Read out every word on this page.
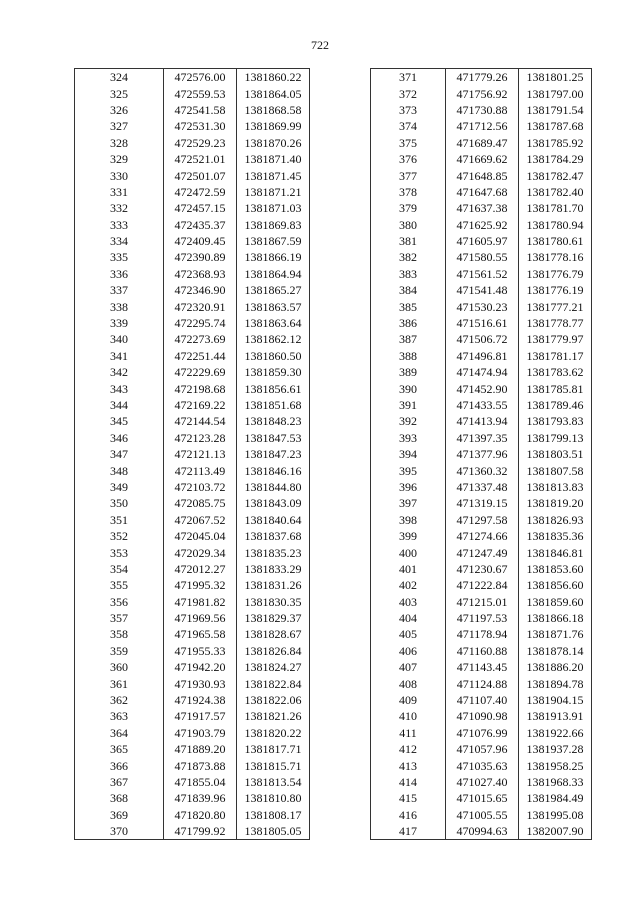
722
324	472576.00	1381860.22
325	472559.53	1381864.05
326	472541.58	1381868.58
327	472531.30	1381869.99
328	472529.23	1381870.26
329	472521.01	1381871.40
330	472501.07	1381871.45
331	472472.59	1381871.21
332	472457.15	1381871.03
333	472435.37	1381869.83
334	472409.45	1381867.59
335	472390.89	1381866.19
336	472368.93	1381864.94
337	472346.90	1381865.27
338	472320.91	1381863.57
339	472295.74	1381863.64
340	472273.69	1381862.12
341	472251.44	1381860.50
342	472229.69	1381859.30
343	472198.68	1381856.61
344	472169.22	1381851.68
345	472144.54	1381848.23
346	472123.28	1381847.53
347	472121.13	1381847.23
348	472113.49	1381846.16
349	472103.72	1381844.80
350	472085.75	1381843.09
351	472067.52	1381840.64
352	472045.04	1381837.68
353	472029.34	1381835.23
354	472012.27	1381833.29
355	471995.32	1381831.26
356	471981.82	1381830.35
357	471969.56	1381829.37
358	471965.58	1381828.67
359	471955.33	1381826.84
360	471942.20	1381824.27
361	471930.93	1381822.84
362	471924.38	1381822.06
363	471917.57	1381821.26
364	471903.79	1381820.22
365	471889.20	1381817.71
366	471873.88	1381815.71
367	471855.04	1381813.54
368	471839.96	1381810.80
369	471820.80	1381808.17
370	471799.92	1381805.05
371	471779.26	1381801.25
372	471756.92	1381797.00
373	471730.88	1381791.54
374	471712.56	1381787.68
375	471689.47	1381785.92
376	471669.62	1381784.29
377	471648.85	1381782.47
378	471647.68	1381782.40
379	471637.38	1381781.70
380	471625.92	1381780.94
381	471605.97	1381780.61
382	471580.55	1381778.16
383	471561.52	1381776.79
384	471541.48	1381776.19
385	471530.23	1381777.21
386	471516.61	1381778.77
387	471506.72	1381779.97
388	471496.81	1381781.17
389	471474.94	1381783.62
390	471452.90	1381785.81
391	471433.55	1381789.46
392	471413.94	1381793.83
393	471397.35	1381799.13
394	471377.96	1381803.51
395	471360.32	1381807.58
396	471337.48	1381813.83
397	471319.15	1381819.20
398	471297.58	1381826.93
399	471274.66	1381835.36
400	471247.49	1381846.81
401	471230.67	1381853.60
402	471222.84	1381856.60
403	471215.01	1381859.60
404	471197.53	1381866.18
405	471178.94	1381871.76
406	471160.88	1381878.14
407	471143.45	1381886.20
408	471124.88	1381894.78
409	471107.40	1381904.15
410	471090.98	1381913.91
411	471076.99	1381922.66
412	471057.96	1381937.28
413	471035.63	1381958.25
414	471027.40	1381968.33
415	471015.65	1381984.49
416	471005.55	1381995.08
417	470994.63	1382007.90
